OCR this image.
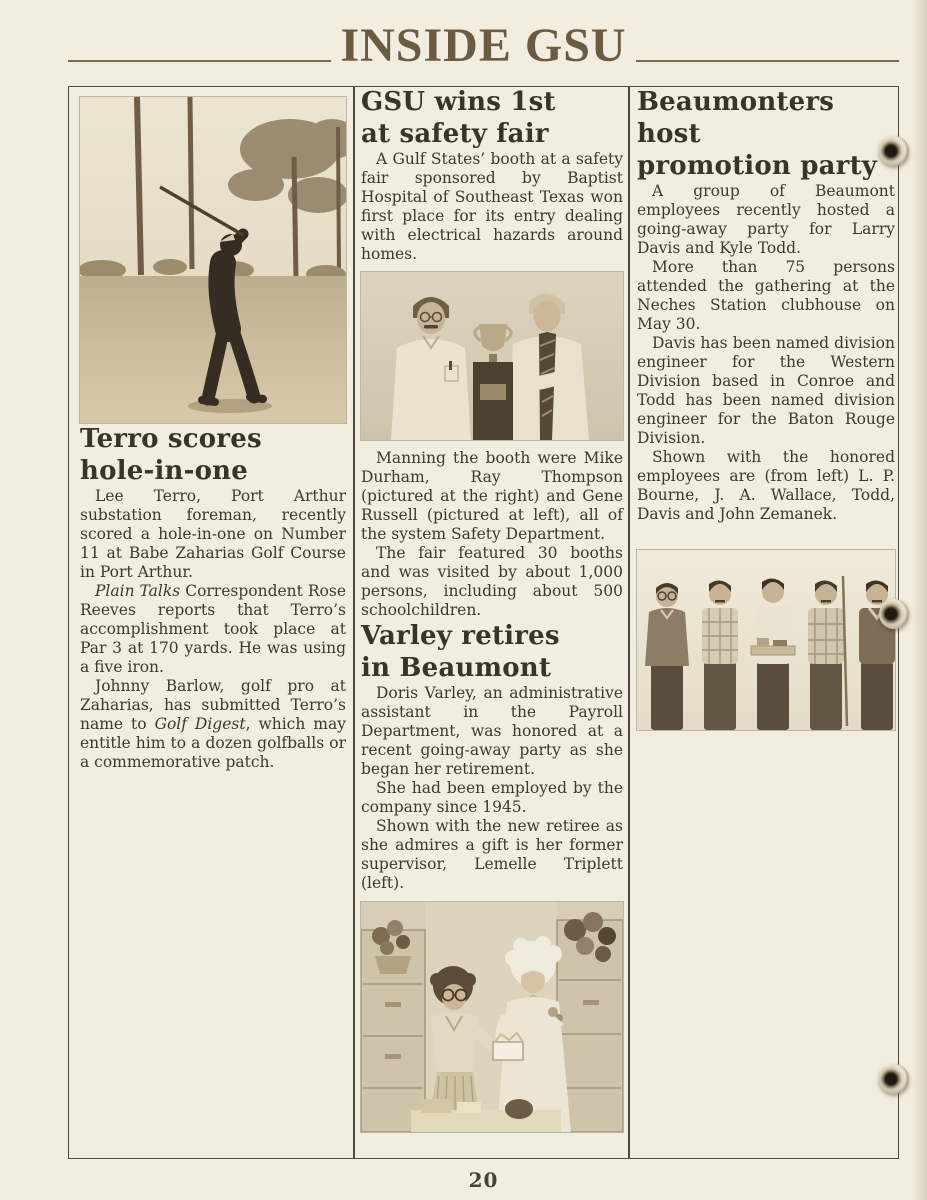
INSIDE GSU
Terro scores
hole-in-one

Lee Terro, Port Arthur substation foreman, recently scored a hole-in-one on Number 11 at Babe Zaharias Golf Course in Port Arthur.

Plain Talks Correspondent Rose Reeves reports that Terro’s accomplishment took place at Par 3 at 170 yards. He was using a five iron.

Johnny Barlow, golf pro at Zaharias, has submitted Terro’s name to Golf Digest, which may entitle him to a dozen golfballs or a commemorative patch.

GSU wins 1st
at safety fair

A Gulf States’ booth at a safety fair sponsored by Baptist Hospital of Southeast Texas won first place for its entry dealing with electrical hazards around homes.

Manning the booth were Mike Durham, Ray Thompson (pictured at the right) and Gene Russell (pictured at left), all of the system Safety Department.

The fair featured 30 booths and was visited by about 1,000 persons, including about 500 schoolchildren.

Varley retires
in Beaumont

Doris Varley, an administrative assistant in the Payroll Department, was honored at a recent going-away party as she began her retirement.

She had been employed by the company since 1945.

Shown with the new retiree as she admires a gift is her former supervisor, Lemelle Triplett (left).

Beaumonters host
promotion party

A group of Beaumont employees recently hosted a going-away party for Larry Davis and Kyle Todd.

More than 75 persons attended the gathering at the Neches Station clubhouse on May 30.

Davis has been named division engineer for the Western Division based in Conroe and Todd has been named division engineer for the Baton Rouge Division.

Shown with the honored employees are (from left) L. P. Bourne, J. A. Wallace, Todd, Davis and John Zemanek.

20
